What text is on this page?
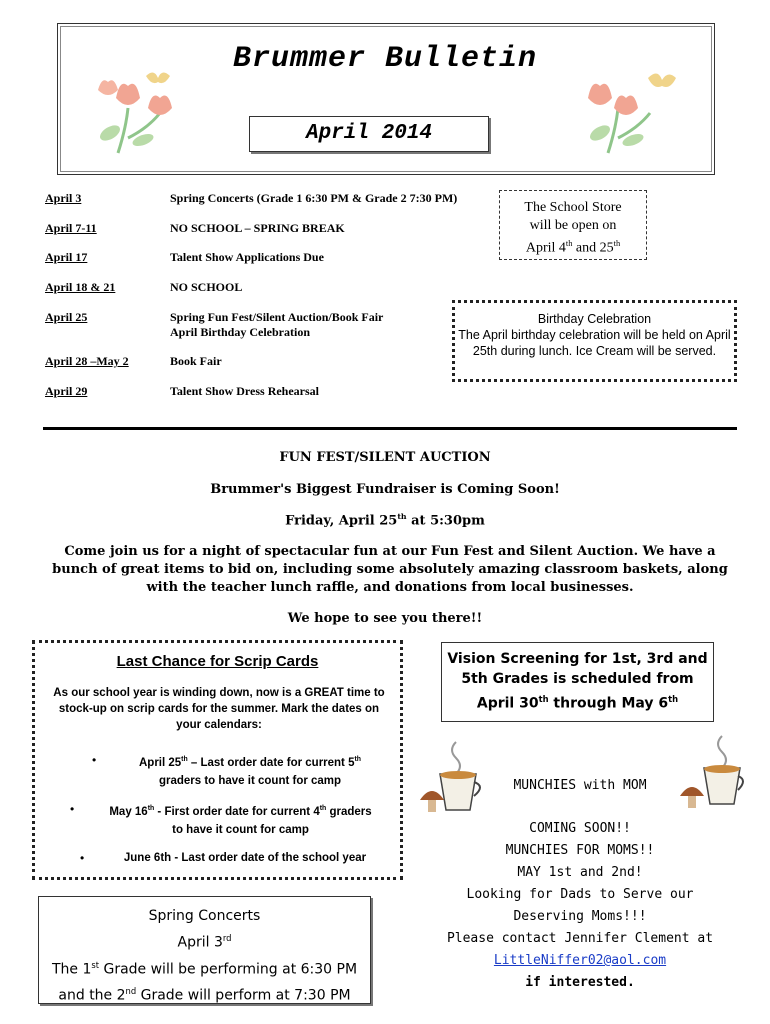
Brummer Bulletin
April 2014
April 3	Spring Concerts (Grade 1 6:30 PM & Grade 2 7:30 PM)
April 7-11	NO SCHOOL – SPRING BREAK
April 17	Talent Show Applications Due
April 18 & 21	NO SCHOOL
April 25	Spring Fun Fest/Silent Auction/Book Fair
April Birthday Celebration
April 28 –May 2	Book Fair
April 29	Talent Show Dress Rehearsal
The School Store
will be open on
April 4th and 25th
Birthday Celebration
The April birthday celebration will be held on April 25th during lunch. Ice Cream will be served.
FUN FEST/SILENT AUCTION
Brummer's Biggest Fundraiser is Coming Soon!
Friday, April 25th at 5:30pm
Come join us for a night of spectacular fun at our Fun Fest and Silent Auction. We have a bunch of great items to bid on, including some absolutely amazing classroom baskets, along with the teacher lunch raffle, and donations from local businesses.
We hope to see you there!!
Last Chance for Scrip Cards
As our school year is winding down, now is a GREAT time to stock-up on scrip cards for the summer. Mark the dates on your calendars:
•	April 25th – Last order date for current 5th
graders to have it count for camp
•	May 16th - First order date for current 4th graders
to have it count for camp
•	June 6th - Last order date of the school year
Spring Concerts
April 3rd
The 1st Grade will be performing at 6:30 PM
and the 2nd Grade will perform at 7:30 PM
Vision Screening for 1st, 3rd and
5th Grades is scheduled from
April 30th through May 6th
MUNCHIES with MOM
COMING SOON!!
MUNCHIES FOR MOMS!!
MAY 1st and 2nd!
Looking for Dads to Serve our
Deserving Moms!!!
Please contact Jennifer Clement at
LittleNiffer02@aol.com
if interested.
